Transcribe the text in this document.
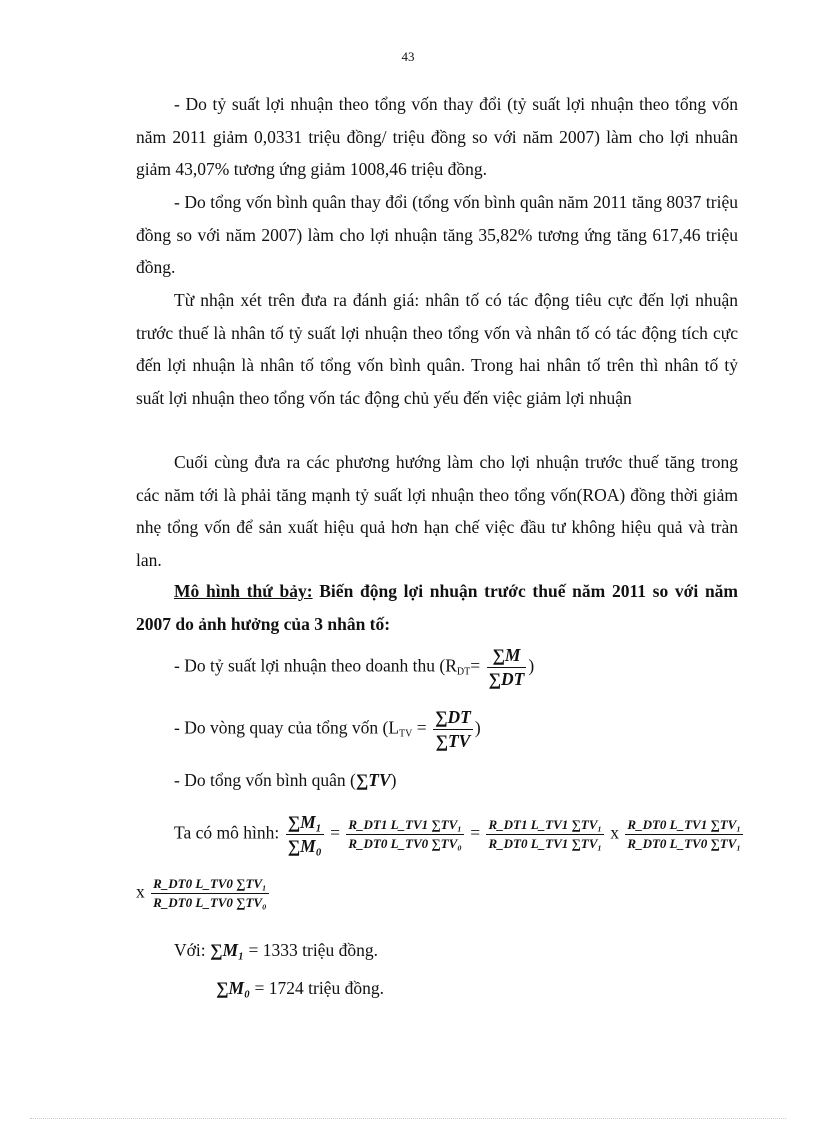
43

- Do tỷ suất lợi nhuận theo tổng vốn thay đổi (tỷ suất lợi nhuận theo tổng vốn năm 2011 giảm 0,0331 triệu đồng/ triệu đồng so với năm 2007) làm cho lợi nhuân giảm 43,07% tương ứng giảm 1008,46 triệu đồng.

- Do tổng vốn bình quân thay đổi (tổng vốn bình quân năm 2011 tăng 8037 triệu đồng so với năm 2007) làm cho lợi nhuận tăng 35,82% tương ứng tăng 617,46 triệu đồng.

Từ nhận xét trên đưa ra đánh giá: nhân tố có tác động tiêu cực đến lợi nhuận trước thuế là nhân tố tỷ suất lợi nhuận theo tổng vốn và nhân tố có tác động tích cực đến lợi nhuận là nhân tố tổng vốn bình quân. Trong hai nhân tố trên thì nhân tố tỷ suất lợi nhuận theo tổng vốn tác động chủ yếu đến việc giảm lợi nhuận

Cuối cùng đưa ra các phương hướng làm cho lợi nhuận trước thuế tăng trong các năm tới là phải tăng mạnh tỷ suất lợi nhuận theo tổng vốn(ROA) đồng thời giảm nhẹ tổng vốn để sản xuất hiệu quả hơn hạn chế việc đầu tư không hiệu quả và tràn lan.

Mô hình thứ bảy: Biến động lợi nhuận trước thuế năm 2011 so với năm 2007 do ảnh hưởng của 3 nhân tố:

- Do tỷ suất lợi nhuận theo doanh thu ($R_{DT}= \frac{\sum M}{\sum DT}$ )
- Do vòng quay của tổng vốn ($L_{TV} = \frac{\sum DT}{\sum TV}$ )
- Do tổng vốn bình quân (∑TV)
Ta có mô hình: $\frac{\text{∑M₁}}{\text{∑M₀}} = \frac{\text{R\_DT1 L\_TV1 ∑TV₁}}{\text{R\_DT0 L\_TV0 ∑TV₀}} = \frac{\text{R\_DT1 L\_TV1 ∑TV₁}}{\text{R\_DT0 L\_TV1 ∑TV₁}}$ x $\frac{\text{R\_DT0 L\_TV1 ∑TV₁}}{\text{R\_DT0 L\_TV0 ∑TV₁}}$
x $\frac{\text{R\_DT0 L\_TV0 ∑TV₁}}{\text{R\_DT0 L\_TV0 ∑TV₀}}$
Với: ∑M₁ = 1333 triệu đồng.
∑M₀ = 1724 triệu đồng.
